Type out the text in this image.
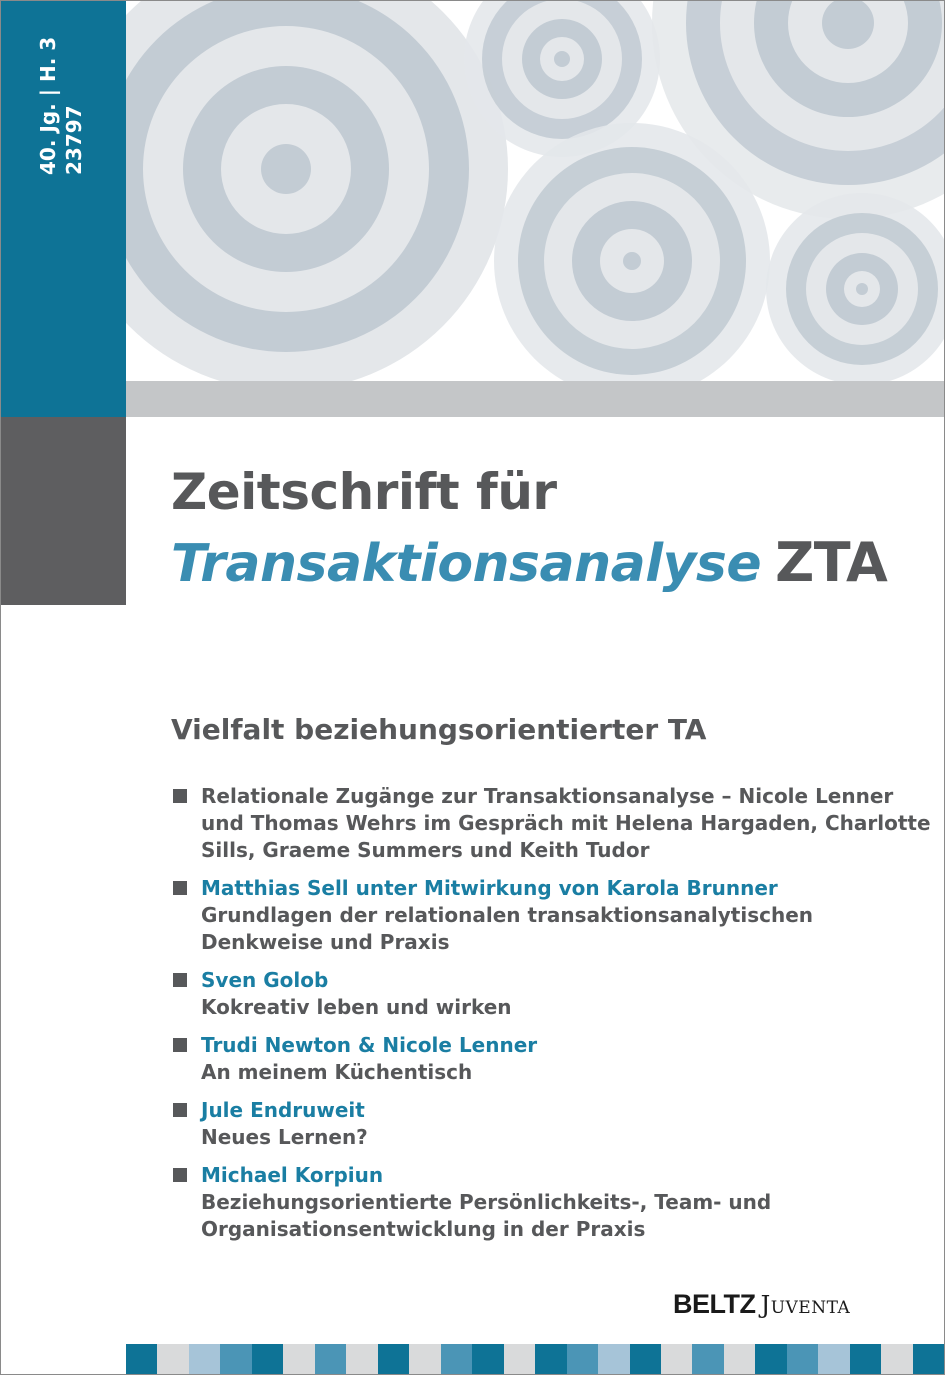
40. Jg. | H. 3 23797
3
2023
Zeitschrift für
Transaktionsanalyse ZTA
Vielfalt beziehungsorientierter TA
Relationale Zugänge zur Transaktionsanalyse – Nicole Lenner
und Thomas Wehrs im Gespräch mit Helena Hargaden, Charlotte
Sills, Graeme Summers und Keith Tudor
Matthias Sell unter Mitwirkung von Karola Brunner
Grundlagen der relationalen transaktionsanalytischen
Denkweise und Praxis
Sven Golob
Kokreativ leben und wirken
Trudi Newton & Nicole Lenner
An meinem Küchentisch
Jule Endruweit
Neues Lernen?
Michael Korpiun
Beziehungsorientierte Persönlichkeits-, Team- und
Organisationsentwicklung in der Praxis
BELTZ Juventa
